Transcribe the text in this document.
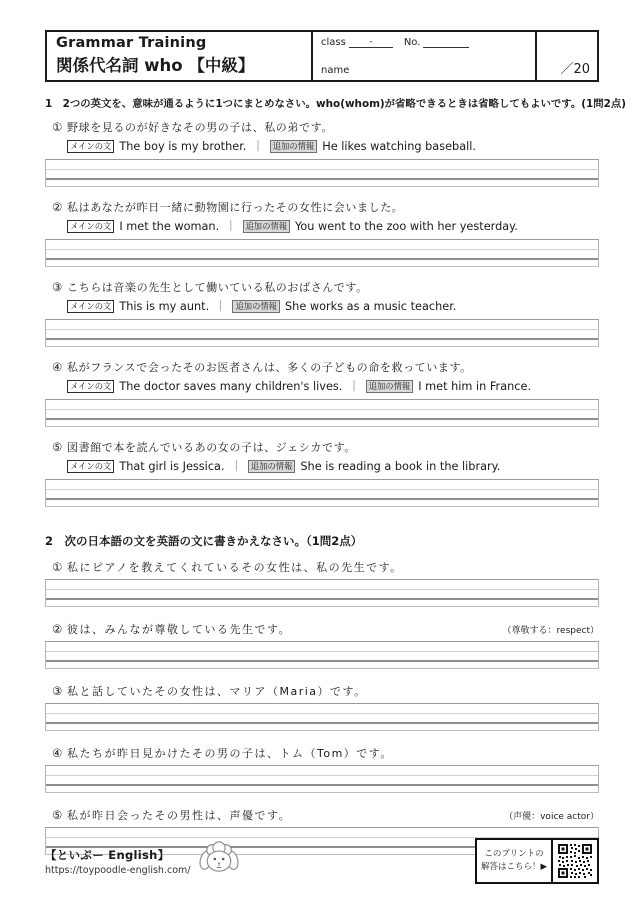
Grammar Training
関係代名詞 who 【中級】
class	-	No.
name	／20
1　2つの英文を、意味が通るように1つにまとめなさい。who(whom)が省略できるときは省略してもよいです。(1問2点)
① 野球を見るのが好きなその男の子は、私の弟です。
メインの文 The boy is my brother. ｜	追加の情報 He likes watching baseball.
② 私はあなたが昨日一緒に動物園に行ったその女性に会いました。
メインの文 I met the woman. ｜	追加の情報 You went to the zoo with her yesterday.
③ こちらは音楽の先生として働いている私のおばさんです。
メインの文 This is my aunt. ｜	追加の情報 She works as a music teacher.
④ 私がフランスで会ったそのお医者さんは、多くの子どもの命を救っています。
メインの文 The doctor saves many children's lives. ｜	追加の情報 I met him in France.
⑤ 図書館で本を読んでいるあの女の子は、ジェシカです。
メインの文 That girl is Jessica. ｜	追加の情報 She is reading a book in the library.
2　次の日本語の文を英語の文に書きかえなさい。（1問2点）
① 私にピアノを教えてくれているその女性は、私の先生です。
② 彼は、みんなが尊敬している先生です。	（尊敬する：respect）
③ 私と話していたその女性は、マリア（Maria）です。
④ 私たちが昨日見かけたその男の子は、トム（Tom）です。
⑤ 私が昨日会ったその男性は、声優です。	（声優：voice actor）
【といぷー English】
https://toypoodle-english.com/
このプリントの
解答はこちら！▶
